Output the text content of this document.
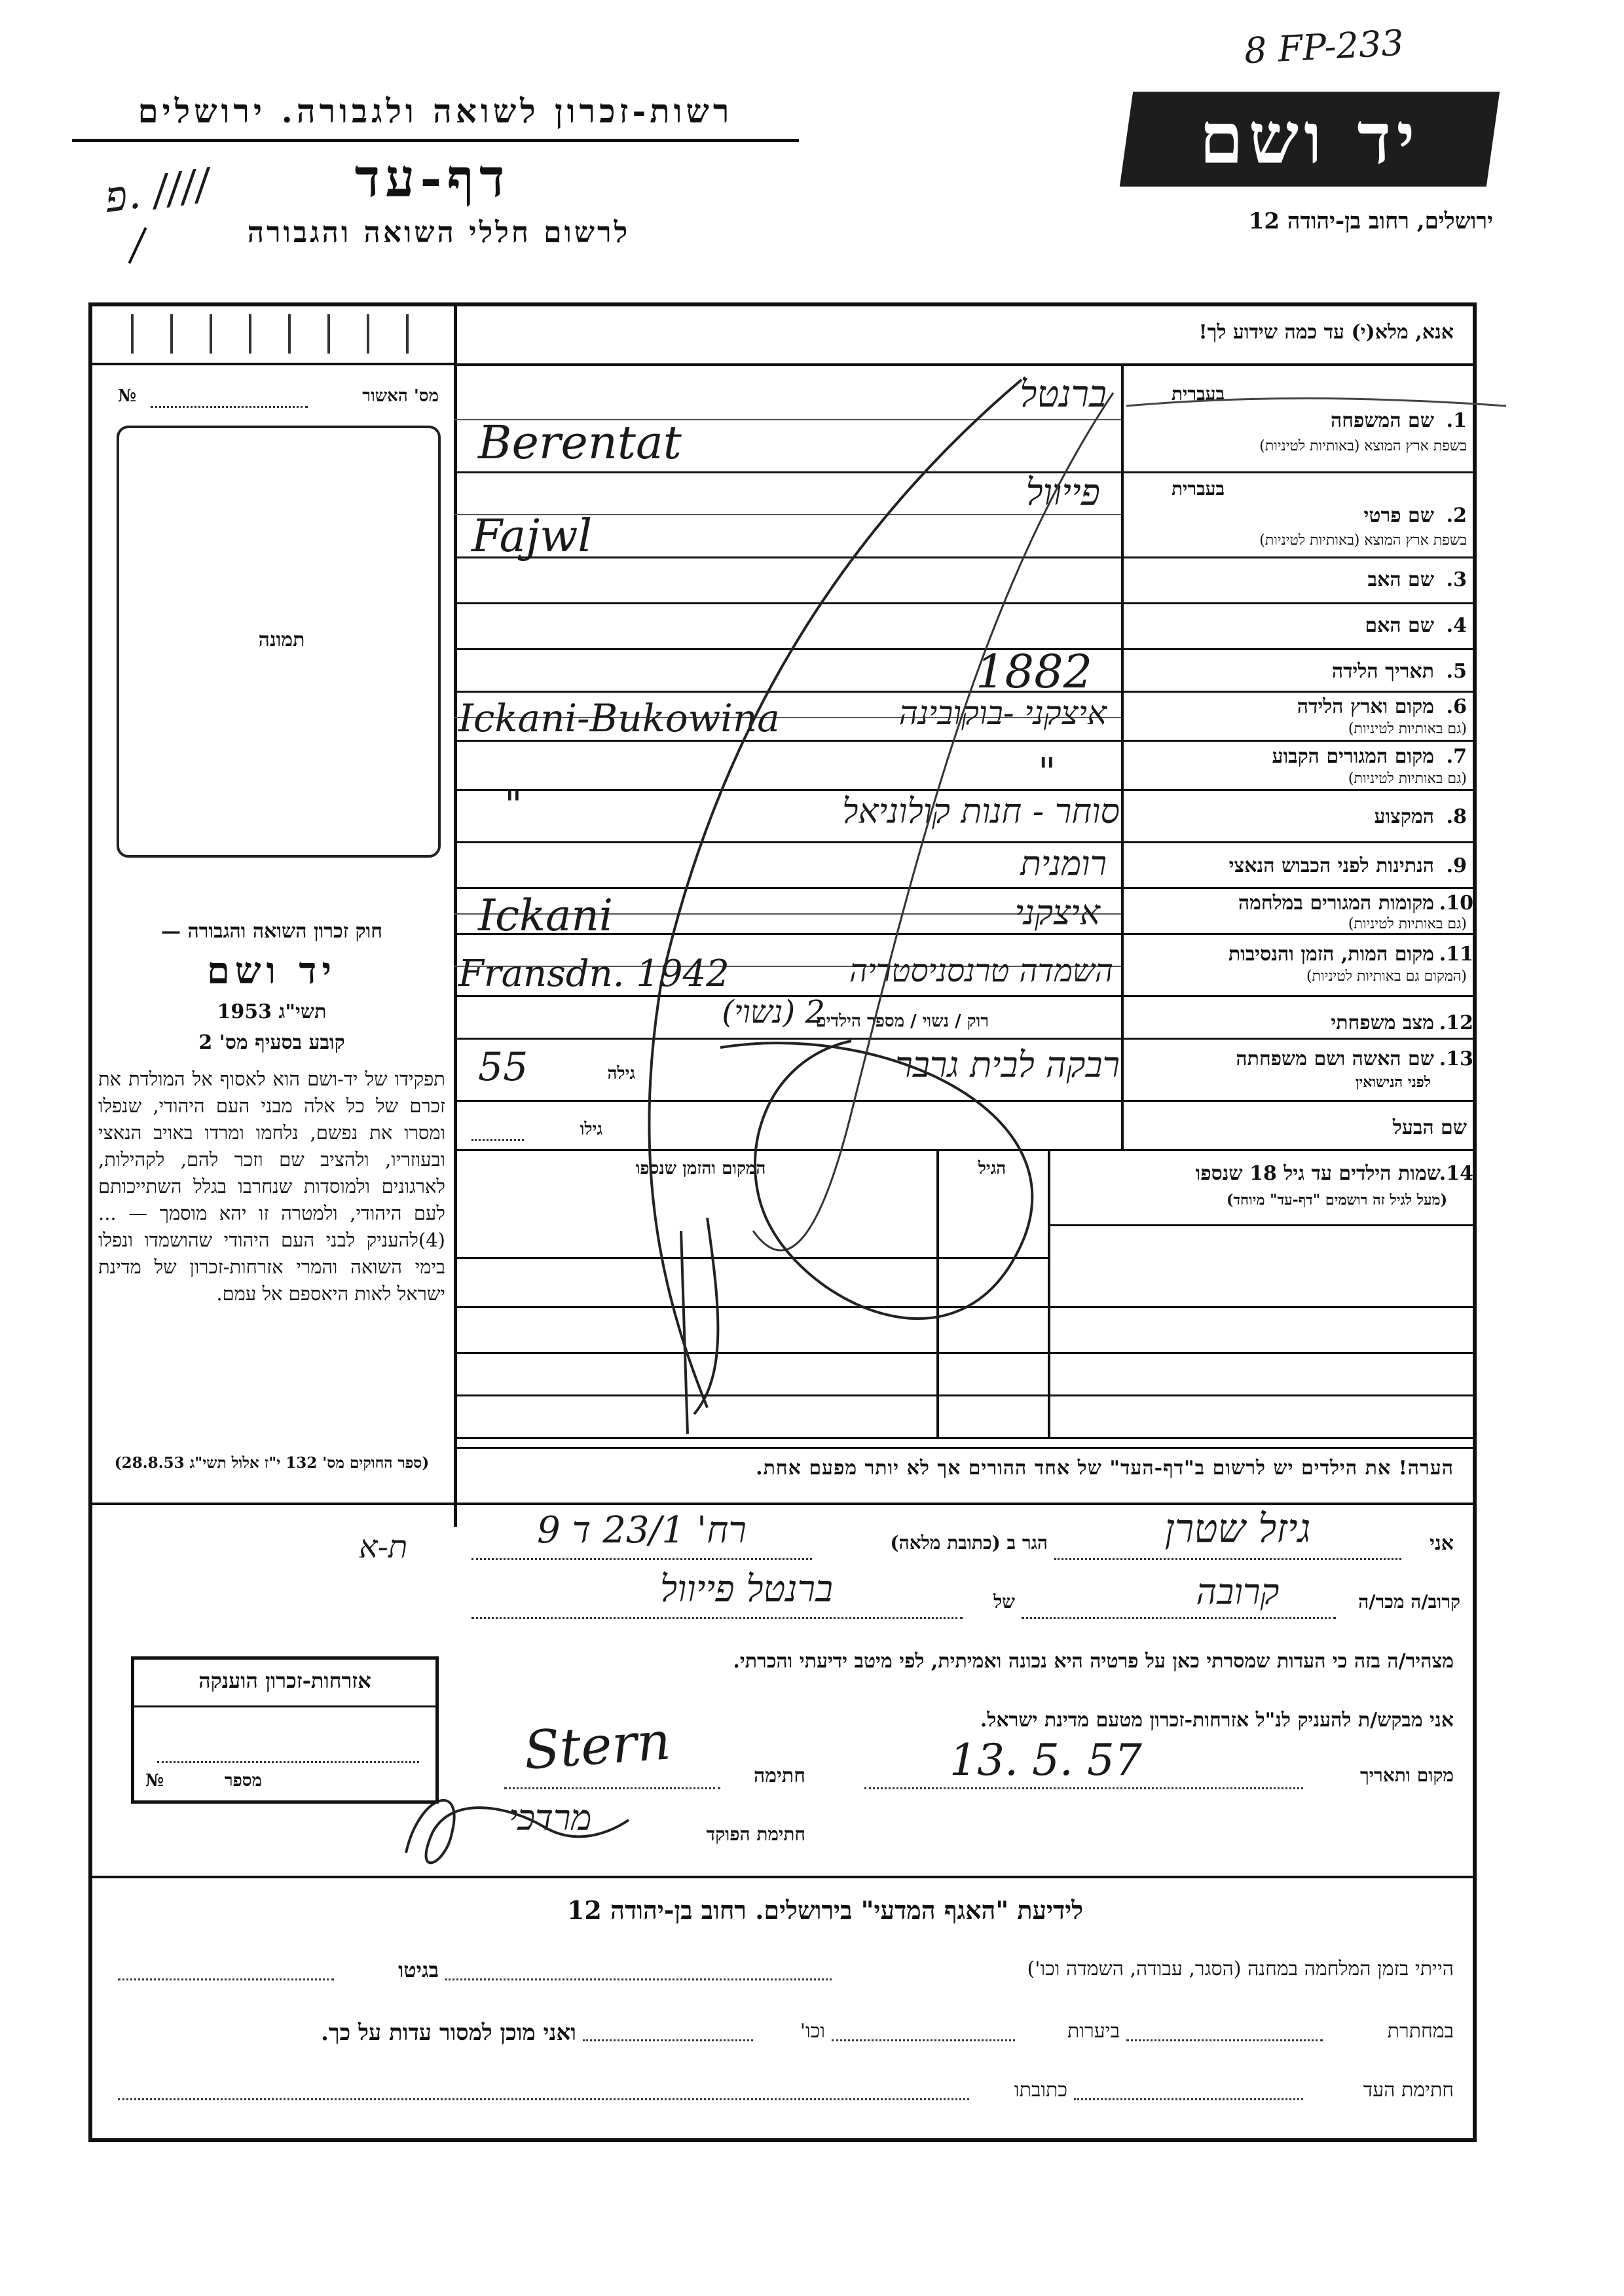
8 FP-233
רשות-זכרון לשואה ולגבורה. ירושלים
דף-עד
פ. ////
לרשום חללי השואה והגבורה
יד ושם
ירושלים, רחוב בן-יהודה 12
אנא, מלא(י) עד כמה שידוע לך!
מס' האשור
№
תמונה
בעברית
שם המשפחה 1.
בשפת ארץ המוצא (באותיות לטיניות)
ברנטל
Berentat
בעברית
שם פרטי 2.
בשפת ארץ המוצא (באותיות לטיניות)
פייוול
Fajwl
שם האב 3.
שם האם 4.
תאריך הלידה 5.
1882
מקום וארץ הלידה 6.
(גם באותיות לטיניות)
איצקני -בוקובינה
Ickani-Bukowina
מקום המגורים הקבוע 7.
(גם באותיות לטיניות)
"
המקצוע 8.
סוחר - חנות קולוניאל
"
הנתינות לפני הכבוש הנאצי 9.
רומנית
מקומות המגורים במלחמה 10.
(גם באותיות לטיניות)
איצקני
Ickani
מקום המות, הזמן והנסיבות 11.
(המקום גם באותיות לטיניות)
השמדה טרנסניסטריה
Fransdn. 1942
מצב משפחתי 12.
רוק / נשוי / מספר הילדים
2 (נשוי)
שם האשה ושם משפחתה 13.
לפני הנישואין
רבקה לבית גרבר
גילה
55
שם הבעל
גילו
שמות הילדים עד גיל 18 שנספו
14.
(מעל לגיל זה רושמים "דף-עד" מיוחד)
הגיל
המקום והזמן שנספו
הערה! את הילדים יש לרשום ב"דף-העד" של אחד ההורים אך לא יותר מפעם אחת.
חוק זכרון השואה והגבורה —
יד ושם
תשי"ג 1953
קובע בסעיף מס' 2
תפקידו של יד-ושם הוא לאסוף אל המולדת את זכרם של כל אלה מבני העם היהודי, שנפלו ומסרו את נפשם, נלחמו ומרדו באויב הנאצי ובעוזריו, ולהציב שם וזכר להם, לקהילות, לארגונים ולמוסדות שנחרבו בגלל השתייכותם לעם היהודי, ולמטרה זו יהא מוסמך — ...(4)להעניק לבני העם היהודי שהושמדו ונפלו בימי השואה והמרי אזרחות-זכרון של מדינת ישראל לאות היאספם אל עמם.
(ספר החוקים מס' 132 י"ז אלול תשי"ג 28.8.53)
אני
גיזל שטרן
הגר ב (כתובת מלאה)
רח' 23/1 ד 9
ת-א
קרוב/ה מכר/ה
קרובה
של
ברנטל פייוול
מצהיר/ה בזה כי העדות שמסרתי כאן על פרטיה היא נכונה ואמיתית, לפי מיטב ידיעתי והכרתי.
אני מבקש/ת להעניק לנ"ל אזרחות-זכרון מטעם מדינת ישראל.
מקום ותאריך
13. 5. 57
חתימה
Stern
חתימת הפוקד
מרדכי
אזרחות-זכרון הוענקה
מספר
№
לידיעת "האגף המדעי" בירושלים. רחוב בן-יהודה 12
הייתי בזמן המלחמה במחנה (הסגר, עבודה, השמדה וכו')
בגיטו
במחתרת
ביערות
וכו'
ואני מוכן למסור עדות על כך.
חתימת העד
כתובתו
